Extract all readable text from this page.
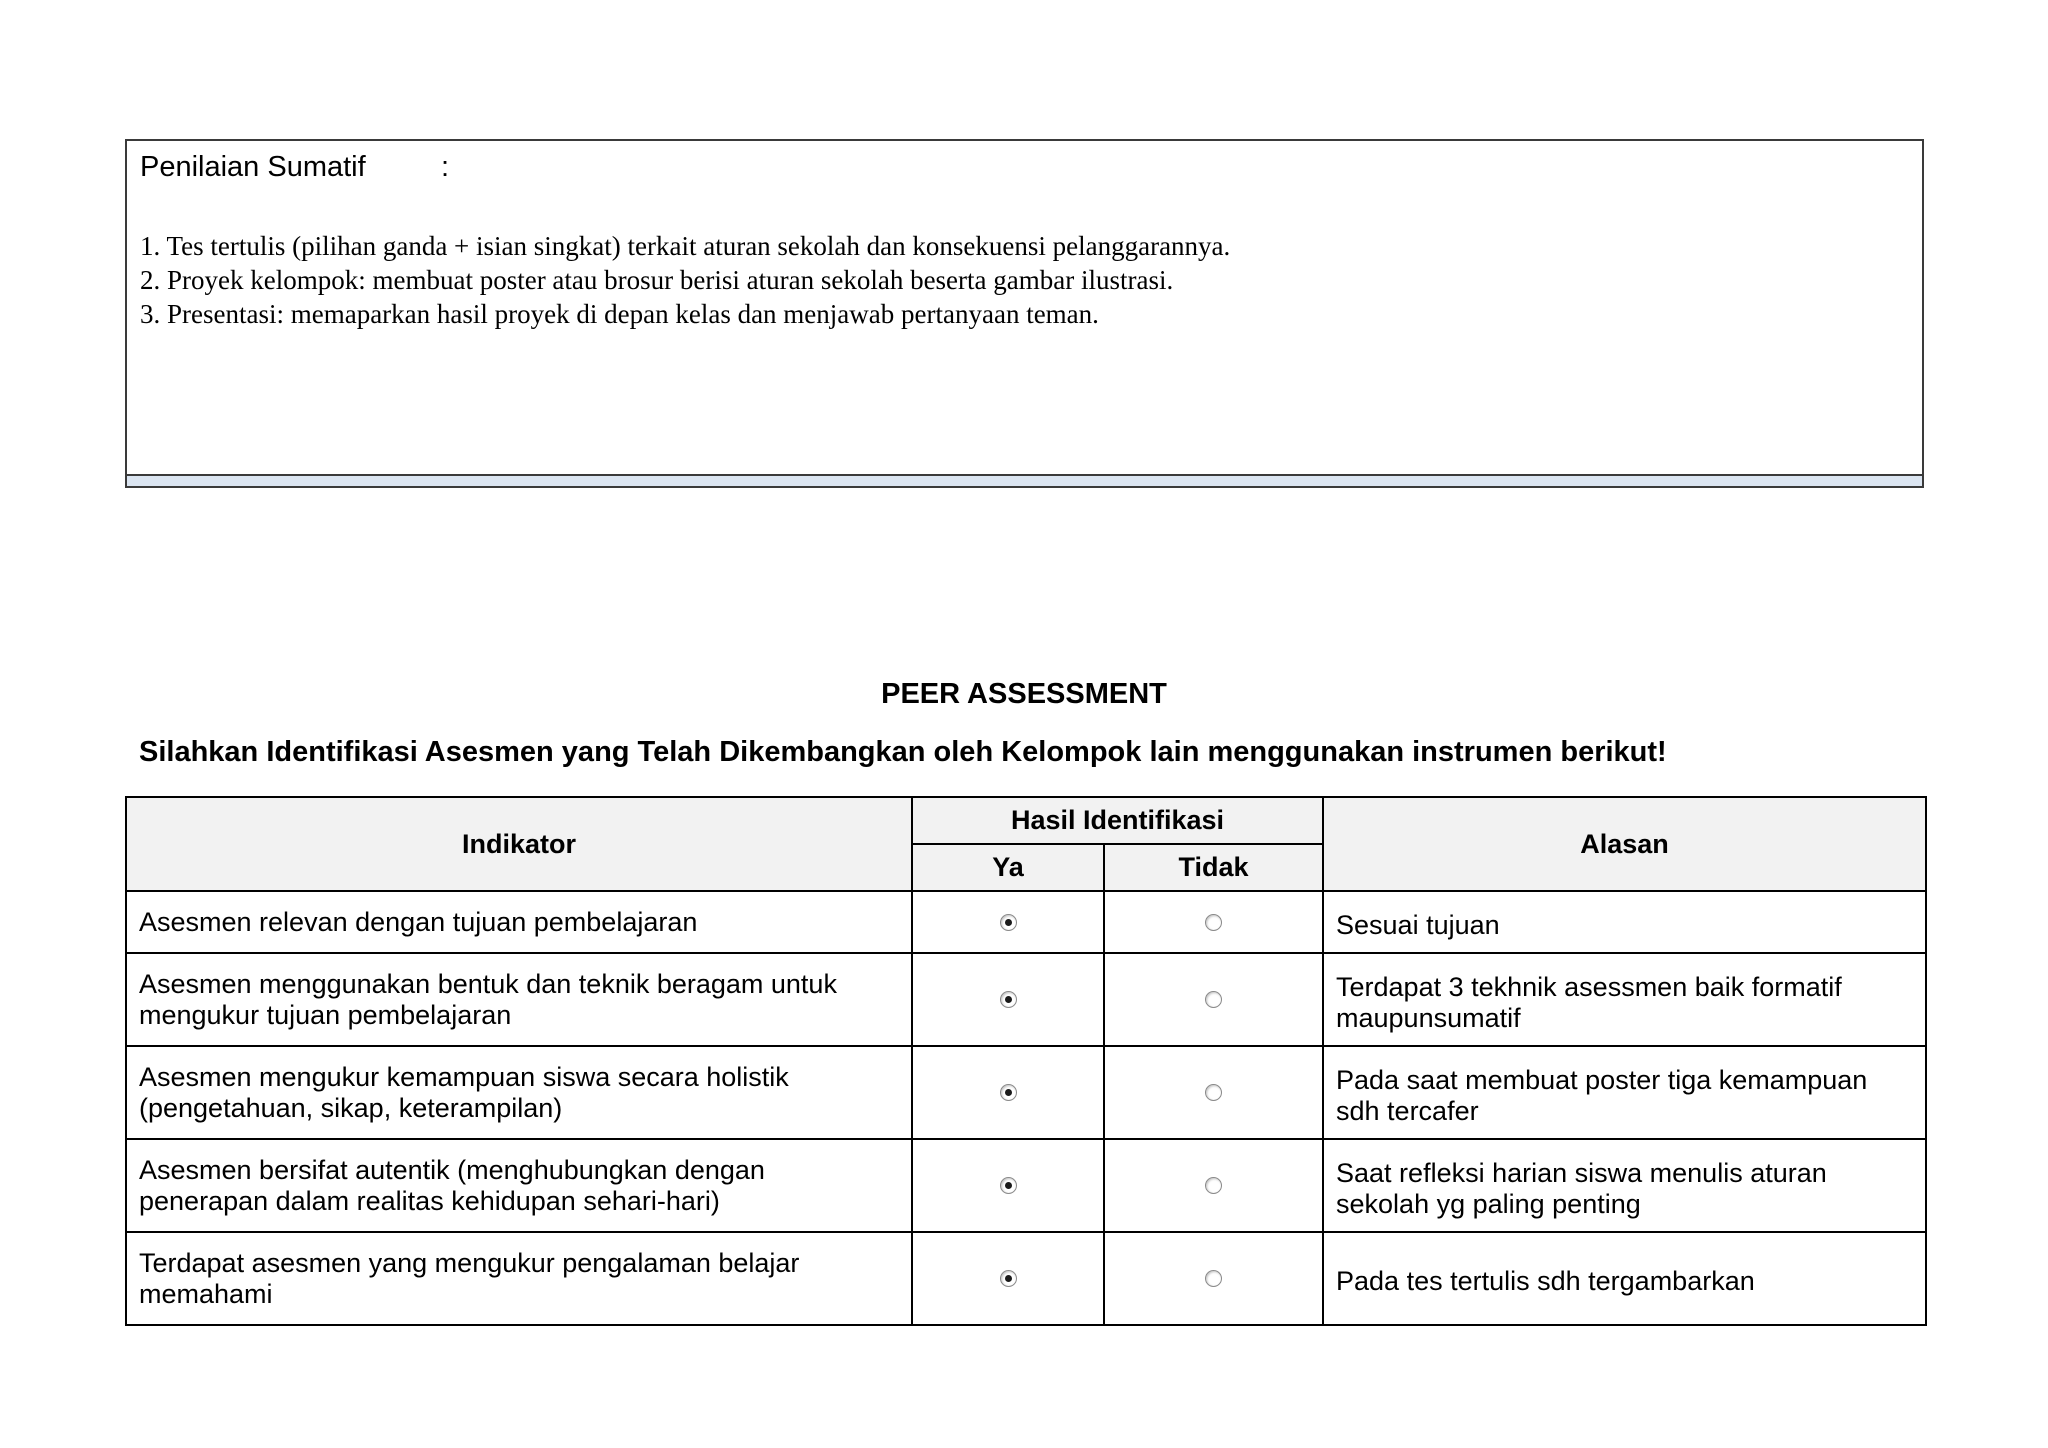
Penilaian Sumatif	:
1. Tes tertulis (pilihan ganda + isian singkat) terkait aturan sekolah dan konsekuensi pelanggarannya.
2. Proyek kelompok: membuat poster atau brosur berisi aturan sekolah beserta gambar ilustrasi.
3. Presentasi: memaparkan hasil proyek di depan kelas dan menjawab pertanyaan teman.
PEER ASSESSMENT
Silahkan Identifikasi Asesmen yang Telah Dikembangkan oleh Kelompok lain menggunakan instrumen berikut!
Indikator	Hasil Identifikasi		Alasan
	Ya	Tidak	
Asesmen relevan dengan tujuan pembelajaran			Sesuai tujuan
Asesmen menggunakan bentuk dan teknik beragam untuk mengukur tujuan pembelajaran			Terdapat 3 tekhnik asessmen baik formatif maupunsumatif
Asesmen mengukur kemampuan siswa secara holistik (pengetahuan, sikap, keterampilan)			Pada saat membuat poster tiga kemampuan sdh tercafer
Asesmen bersifat autentik (menghubungkan dengan penerapan dalam realitas kehidupan sehari-hari)			Saat refleksi harian siswa menulis aturan sekolah yg paling penting
Terdapat asesmen yang mengukur pengalaman belajar memahami			Pada tes tertulis sdh tergambarkan
